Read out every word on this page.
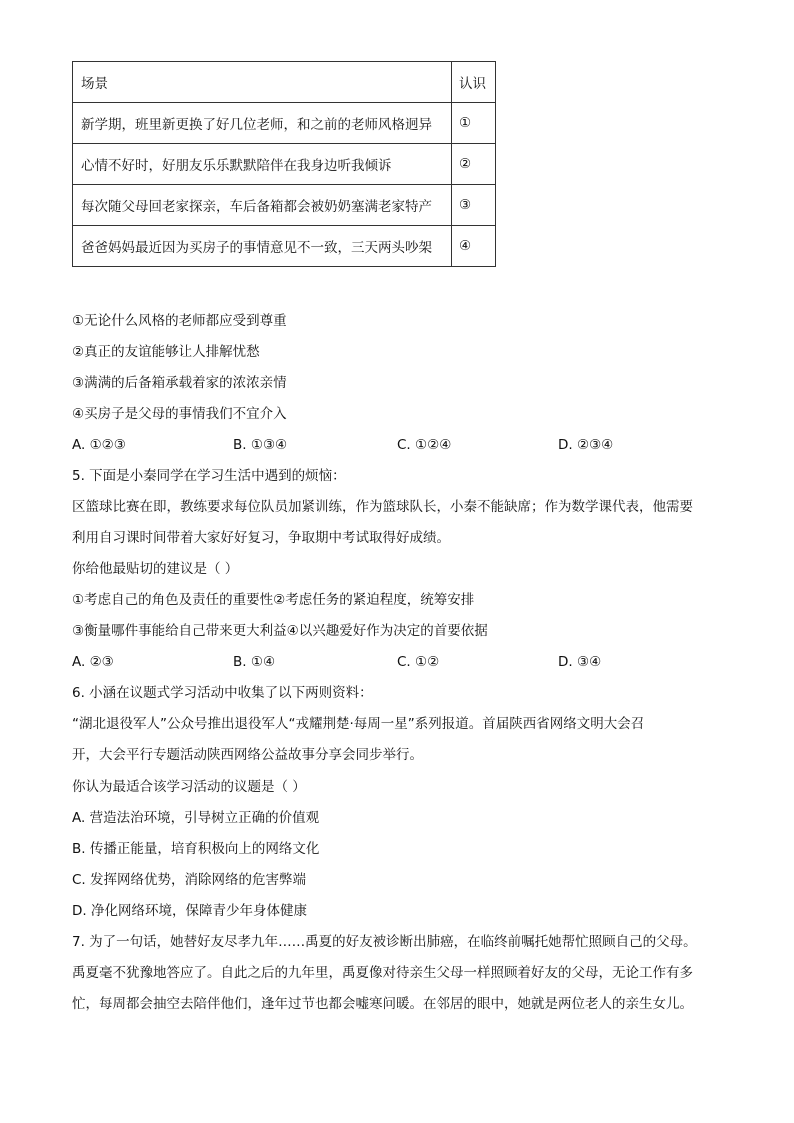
场景	认识
新学期，班里新更换了好几位老师，和之前的老师风格迥异	①
心情不好时，好朋友乐乐默默陪伴在我身边听我倾诉	②
每次随父母回老家探亲，车后备箱都会被奶奶塞满老家特产	③
爸爸妈妈最近因为买房子的事情意见不一致，三天两头吵架	④
①无论什么风格的老师都应受到尊重
②真正的友谊能够让人排解忧愁
③满满的后备箱承载着家的浓浓亲情
④买房子是父母的事情我们不宜介入
A. ①②③	B. ①③④	C. ①②④	D. ②③④
5. 下面是小秦同学在学习生活中遇到的烦恼：
区篮球比赛在即，教练要求每位队员加紧训练，作为篮球队长，小秦不能缺席；作为数学课代表，他需要
利用自习课时间带着大家好好复习，争取期中考试取得好成绩。
你给他最贴切的建议是（ ）
①考虑自己的角色及责任的重要性②考虑任务的紧迫程度，统筹安排
③衡量哪件事能给自己带来更大利益④以兴趣爱好作为决定的首要依据
A. ②③	B. ①④	C. ①②	D. ③④
6. 小涵在议题式学习活动中收集了以下两则资料：
“湖北退役军人”公众号推出退役军人“戎耀荆楚·每周一星”系列报道。首届陕西省网络文明大会召
开，大会平行专题活动陕西网络公益故事分享会同步举行。
你认为最适合该学习活动的议题是（ ）
A. 营造法治环境，引导树立正确的价值观
B. 传播正能量，培育积极向上的网络文化
C. 发挥网络优势，消除网络的危害弊端
D. 净化网络环境，保障青少年身体健康
7. 为了一句话，她替好友尽孝九年……禹夏的好友被诊断出肺癌，在临终前嘱托她帮忙照顾自己的父母。
禹夏毫不犹豫地答应了。自此之后的九年里，禹夏像对待亲生父母一样照顾着好友的父母，无论工作有多
忙，每周都会抽空去陪伴他们，逢年过节也都会嘘寒问暖。在邻居的眼中，她就是两位老人的亲生女儿。
